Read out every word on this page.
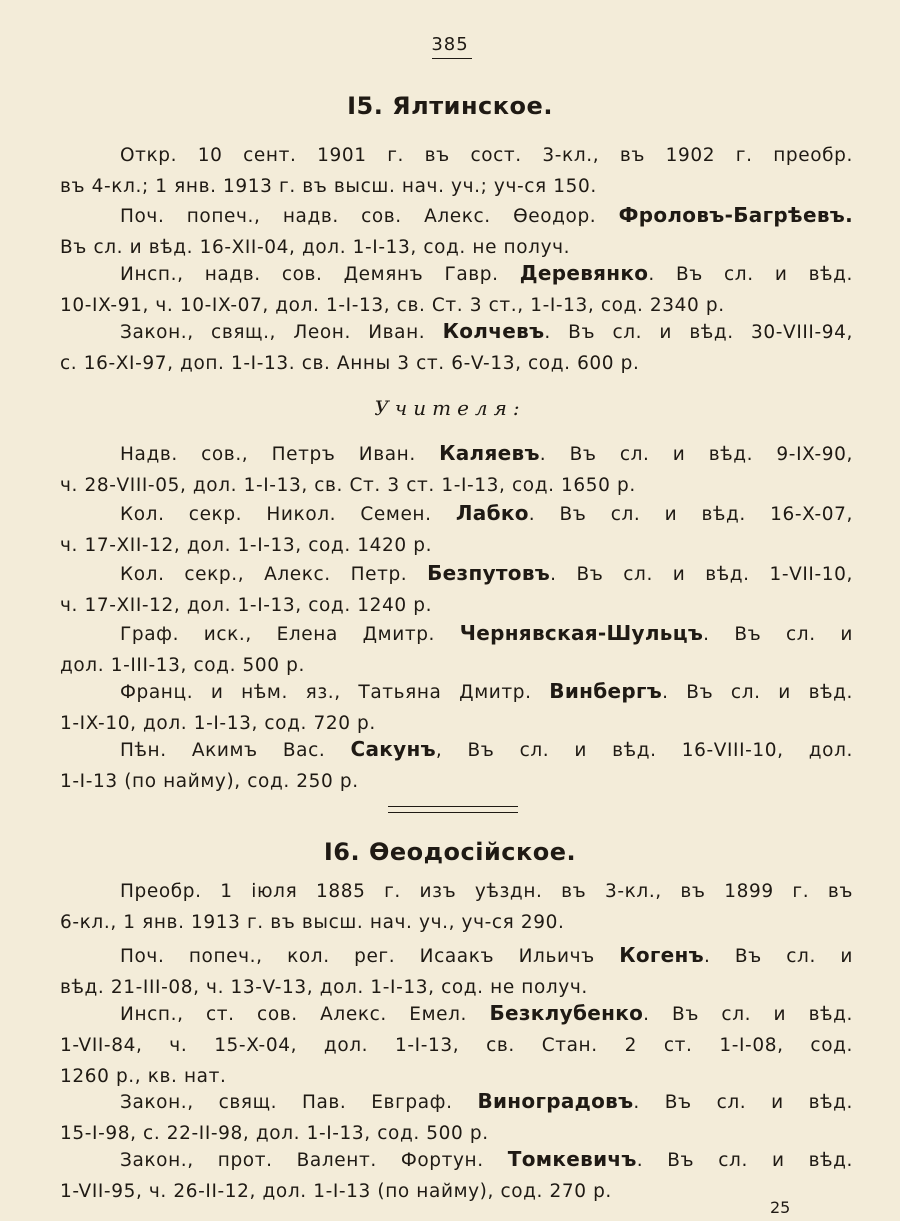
385
I5. Ялтинское.
Откр. 10 сент. 1901 г. въ сост. 3-кл., въ 1902 г. преобр.
въ 4-кл.; 1 янв. 1913 г. въ высш. нач. уч.; уч-ся 150.
Поч. попеч., надв. сов. Алекс. Ѳеодор. Фроловъ-Багрѣевъ.
Въ сл. и вѣд. 16-XII-04, дол. 1-I-13, сод. не получ.
Инсп., надв. сов. Демянъ Гавр. Деревянко. Въ сл. и вѣд.
10-IX-91, ч. 10-IX-07, дол. 1-I-13, св. Ст. 3 ст., 1-I-13, сод. 2340 р.
Закон., свящ., Леон. Иван. Колчевъ. Въ сл. и вѣд. 30-VIII-94,
с. 16-XI-97, доп. 1-I-13. св. Анны 3 ст. 6-V-13, сод. 600 р.
Учителя:
Надв. сов., Петръ Иван. Каляевъ. Въ сл. и вѣд. 9-IX-90,
ч. 28-VIII-05, дол. 1-I-13, св. Ст. 3 ст. 1-I-13, сод. 1650 р.
Кол. секр. Никол. Семен. Лабко. Въ сл. и вѣд. 16-X-07,
ч. 17-XII-12, дол. 1-I-13, сод. 1420 р.
Кол. секр., Алекс. Петр. Безпутовъ. Въ сл. и вѣд. 1-VII-10,
ч. 17-XII-12, дол. 1-I-13, сод. 1240 р.
Граф. иск., Елена Дмитр. Чернявская-Шульцъ. Въ сл. и
дол. 1-III-13, сод. 500 р.
Франц. и нѣм. яз., Татьяна Дмитр. Винбергъ. Въ сл. и вѣд.
1-IX-10, дол. 1-I-13, сод. 720 р.
Пѣн. Акимъ Вас. Сакунъ, Въ сл. и вѣд. 16-VIII-10, дол.
1-I-13 (по найму), сод. 250 р.
I6. Ѳеодосійское.
Преобр. 1 іюля 1885 г. изъ уѣздн. въ 3-кл., въ 1899 г. въ
6-кл., 1 янв. 1913 г. въ высш. нач. уч., уч-ся 290.
Поч. попеч., кол. рег. Исаакъ Ильичъ Когенъ. Въ сл. и
вѣд. 21-III-08, ч. 13-V-13, дол. 1-I-13, сод. не получ.
Инсп., ст. сов. Алекс. Емел. Безклубенко. Въ сл. и вѣд.
1-VII-84, ч. 15-X-04, дол. 1-I-13, св. Стан. 2 ст. 1-I-08, сод.
1260 р., кв. нат.
Закон., свящ. Пав. Евграф. Виноградовъ. Въ сл. и вѣд.
15-I-98, с. 22-II-98, дол. 1-I-13, сод. 500 р.
Закон., прот. Валент. Фортун. Томкевичъ. Въ сл. и вѣд.
1-VII-95, ч. 26-II-12, дол. 1-I-13 (по найму), сод. 270 р.
25
